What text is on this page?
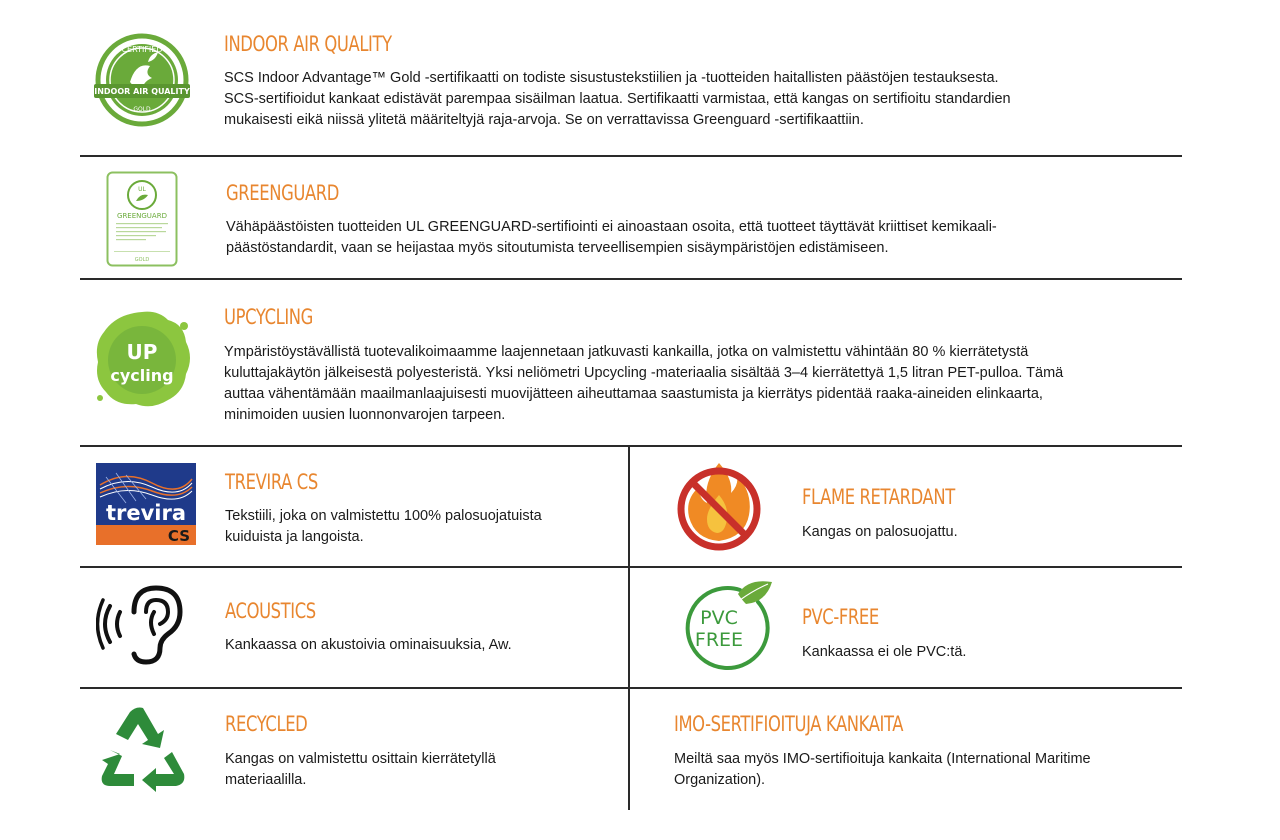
CERTIFIED
INDOOR AIR QUALITY
GOLD
INDOOR AIR QUALITY
SCS Indoor Advantage™ Gold -sertifikaatti on todiste sisustustekstiilien ja -tuotteiden haitallisten päästöjen testauksesta.
SCS-sertifioidut kankaat edistävät parempaa sisäilman laatua. Sertifikaatti varmistaa, että kangas on sertifioitu standardien
mukaisesti eikä niissä ylitetä määriteltyjä raja-arvoja. Se on verrattavissa Greenguard -sertifikaattiin.
UL
GREENGUARD
GOLD
GREENGUARD
Vähäpäästöisten tuotteiden UL GREENGUARD-sertifiointi ei ainoastaan osoita, että tuotteet täyttävät kriittiset kemikaali-
päästöstandardit, vaan se heijastaa myös sitoutumista terveellisempien sisäympäristöjen edistämiseen.
UP
cycling
UPCYCLING
Ympäristöystävällistä tuotevalikoimaamme laajennetaan jatkuvasti kankailla, jotka on valmistettu vähintään 80 % kierrätetystä
kuluttajakäytön jälkeisestä polyesteristä. Yksi neliömetri Upcycling -materiaalia sisältää 3–4 kierrätettyä 1,5 litran PET-pulloa. Tämä
auttaa vähentämään maailmanlaajuisesti muovijätteen aiheuttamaa saastumista ja kierrätys pidentää raaka-aineiden elinkaarta,
minimoiden uusien luonnonvarojen tarpeen.
trevira
CS
TREVIRA CS
Tekstiili, joka on valmistettu 100% palosuojatuista
kuiduista ja langoista.
FLAME RETARDANT
Kangas on palosuojattu.
ACOUSTICS
Kankaassa on akustoivia ominaisuuksia, Aw.
PVC
FREE
PVC-FREE
Kankaassa ei ole PVC:tä.
RECYCLED
Kangas on valmistettu osittain kierrätetyllä
materiaalilla.
IMO-SERTIFIOITUJA KANKAITA
Meiltä saa myös IMO-sertifioituja kankaita (International Maritime
Organization).
